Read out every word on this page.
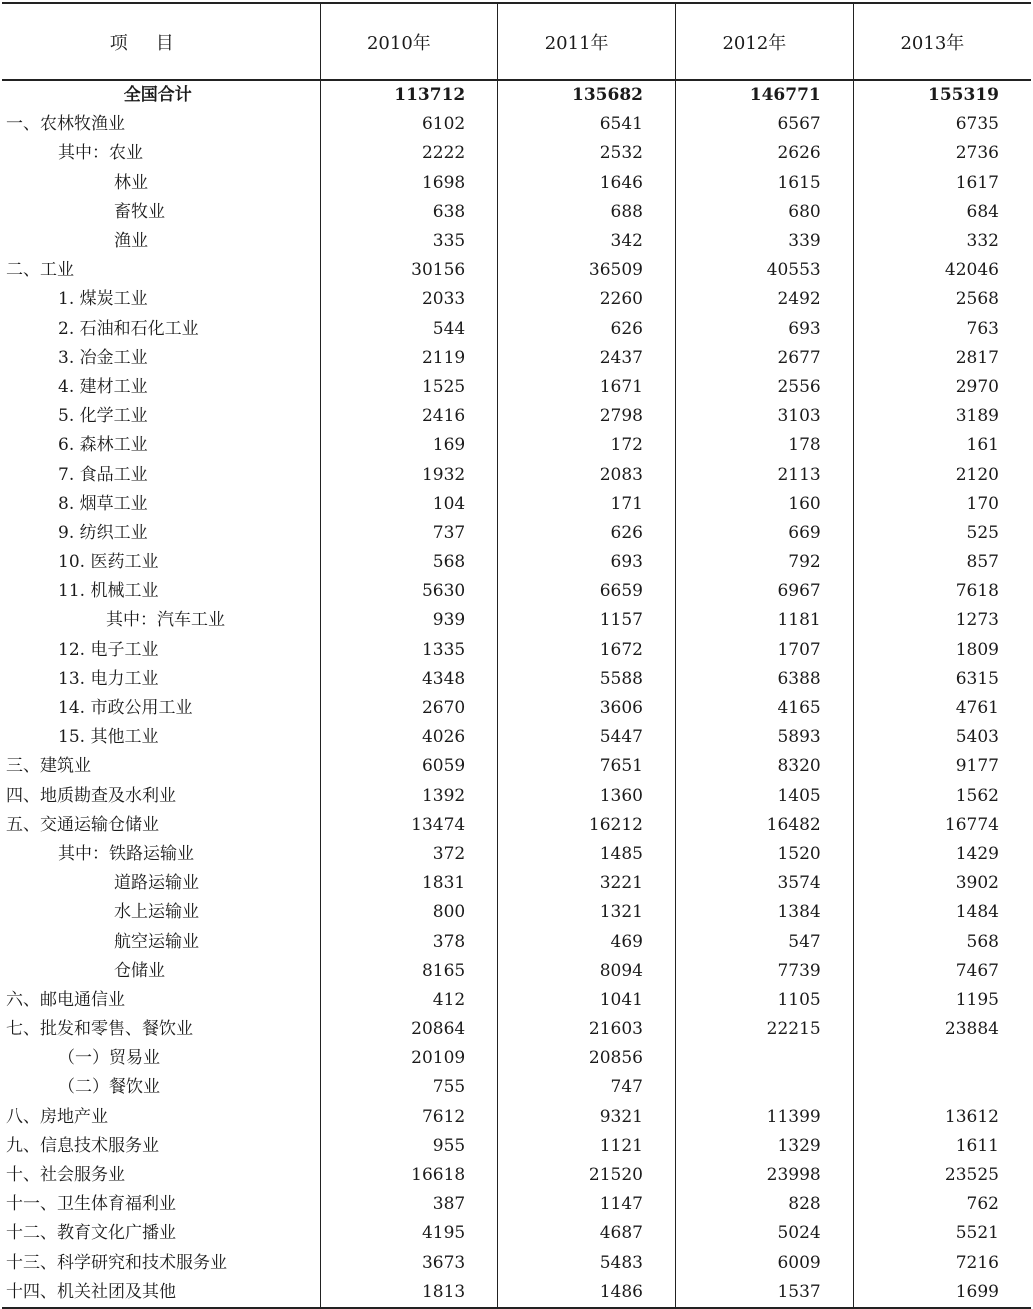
项目	2010年	2011年	2012年	2013年
全国合计	113712	135682	146771	155319
一、农林牧渔业	6102	6541	6567	6735
其中：农业	2222	2532	2626	2736
林业	1698	1646	1615	1617
畜牧业	638	688	680	684
渔业	335	342	339	332
二、工业	30156	36509	40553	42046
1. 煤炭工业	2033	2260	2492	2568
2. 石油和石化工业	544	626	693	763
3. 冶金工业	2119	2437	2677	2817
4. 建材工业	1525	1671	2556	2970
5. 化学工业	2416	2798	3103	3189
6. 森林工业	169	172	178	161
7. 食品工业	1932	2083	2113	2120
8. 烟草工业	104	171	160	170
9. 纺织工业	737	626	669	525
10. 医药工业	568	693	792	857
11. 机械工业	5630	6659	6967	7618
其中：汽车工业	939	1157	1181	1273
12. 电子工业	1335	1672	1707	1809
13. 电力工业	4348	5588	6388	6315
14. 市政公用工业	2670	3606	4165	4761
15. 其他工业	4026	5447	5893	5403
三、建筑业	6059	7651	8320	9177
四、地质勘查及水利业	1392	1360	1405	1562
五、交通运输仓储业	13474	16212	16482	16774
其中：铁路运输业	372	1485	1520	1429
道路运输业	1831	3221	3574	3902
水上运输业	800	1321	1384	1484
航空运输业	378	469	547	568
仓储业	8165	8094	7739	7467
六、邮电通信业	412	1041	1105	1195
七、批发和零售、餐饮业	20864	21603	22215	23884
（一）贸易业	20109	20856		
（二）餐饮业	755	747		
八、房地产业	7612	9321	11399	13612
九、信息技术服务业	955	1121	1329	1611
十、社会服务业	16618	21520	23998	23525
十一、卫生体育福利业	387	1147	828	762
十二、教育文化广播业	4195	4687	5024	5521
十三、科学研究和技术服务业	3673	5483	6009	7216
十四、机关社团及其他	1813	1486	1537	1699
